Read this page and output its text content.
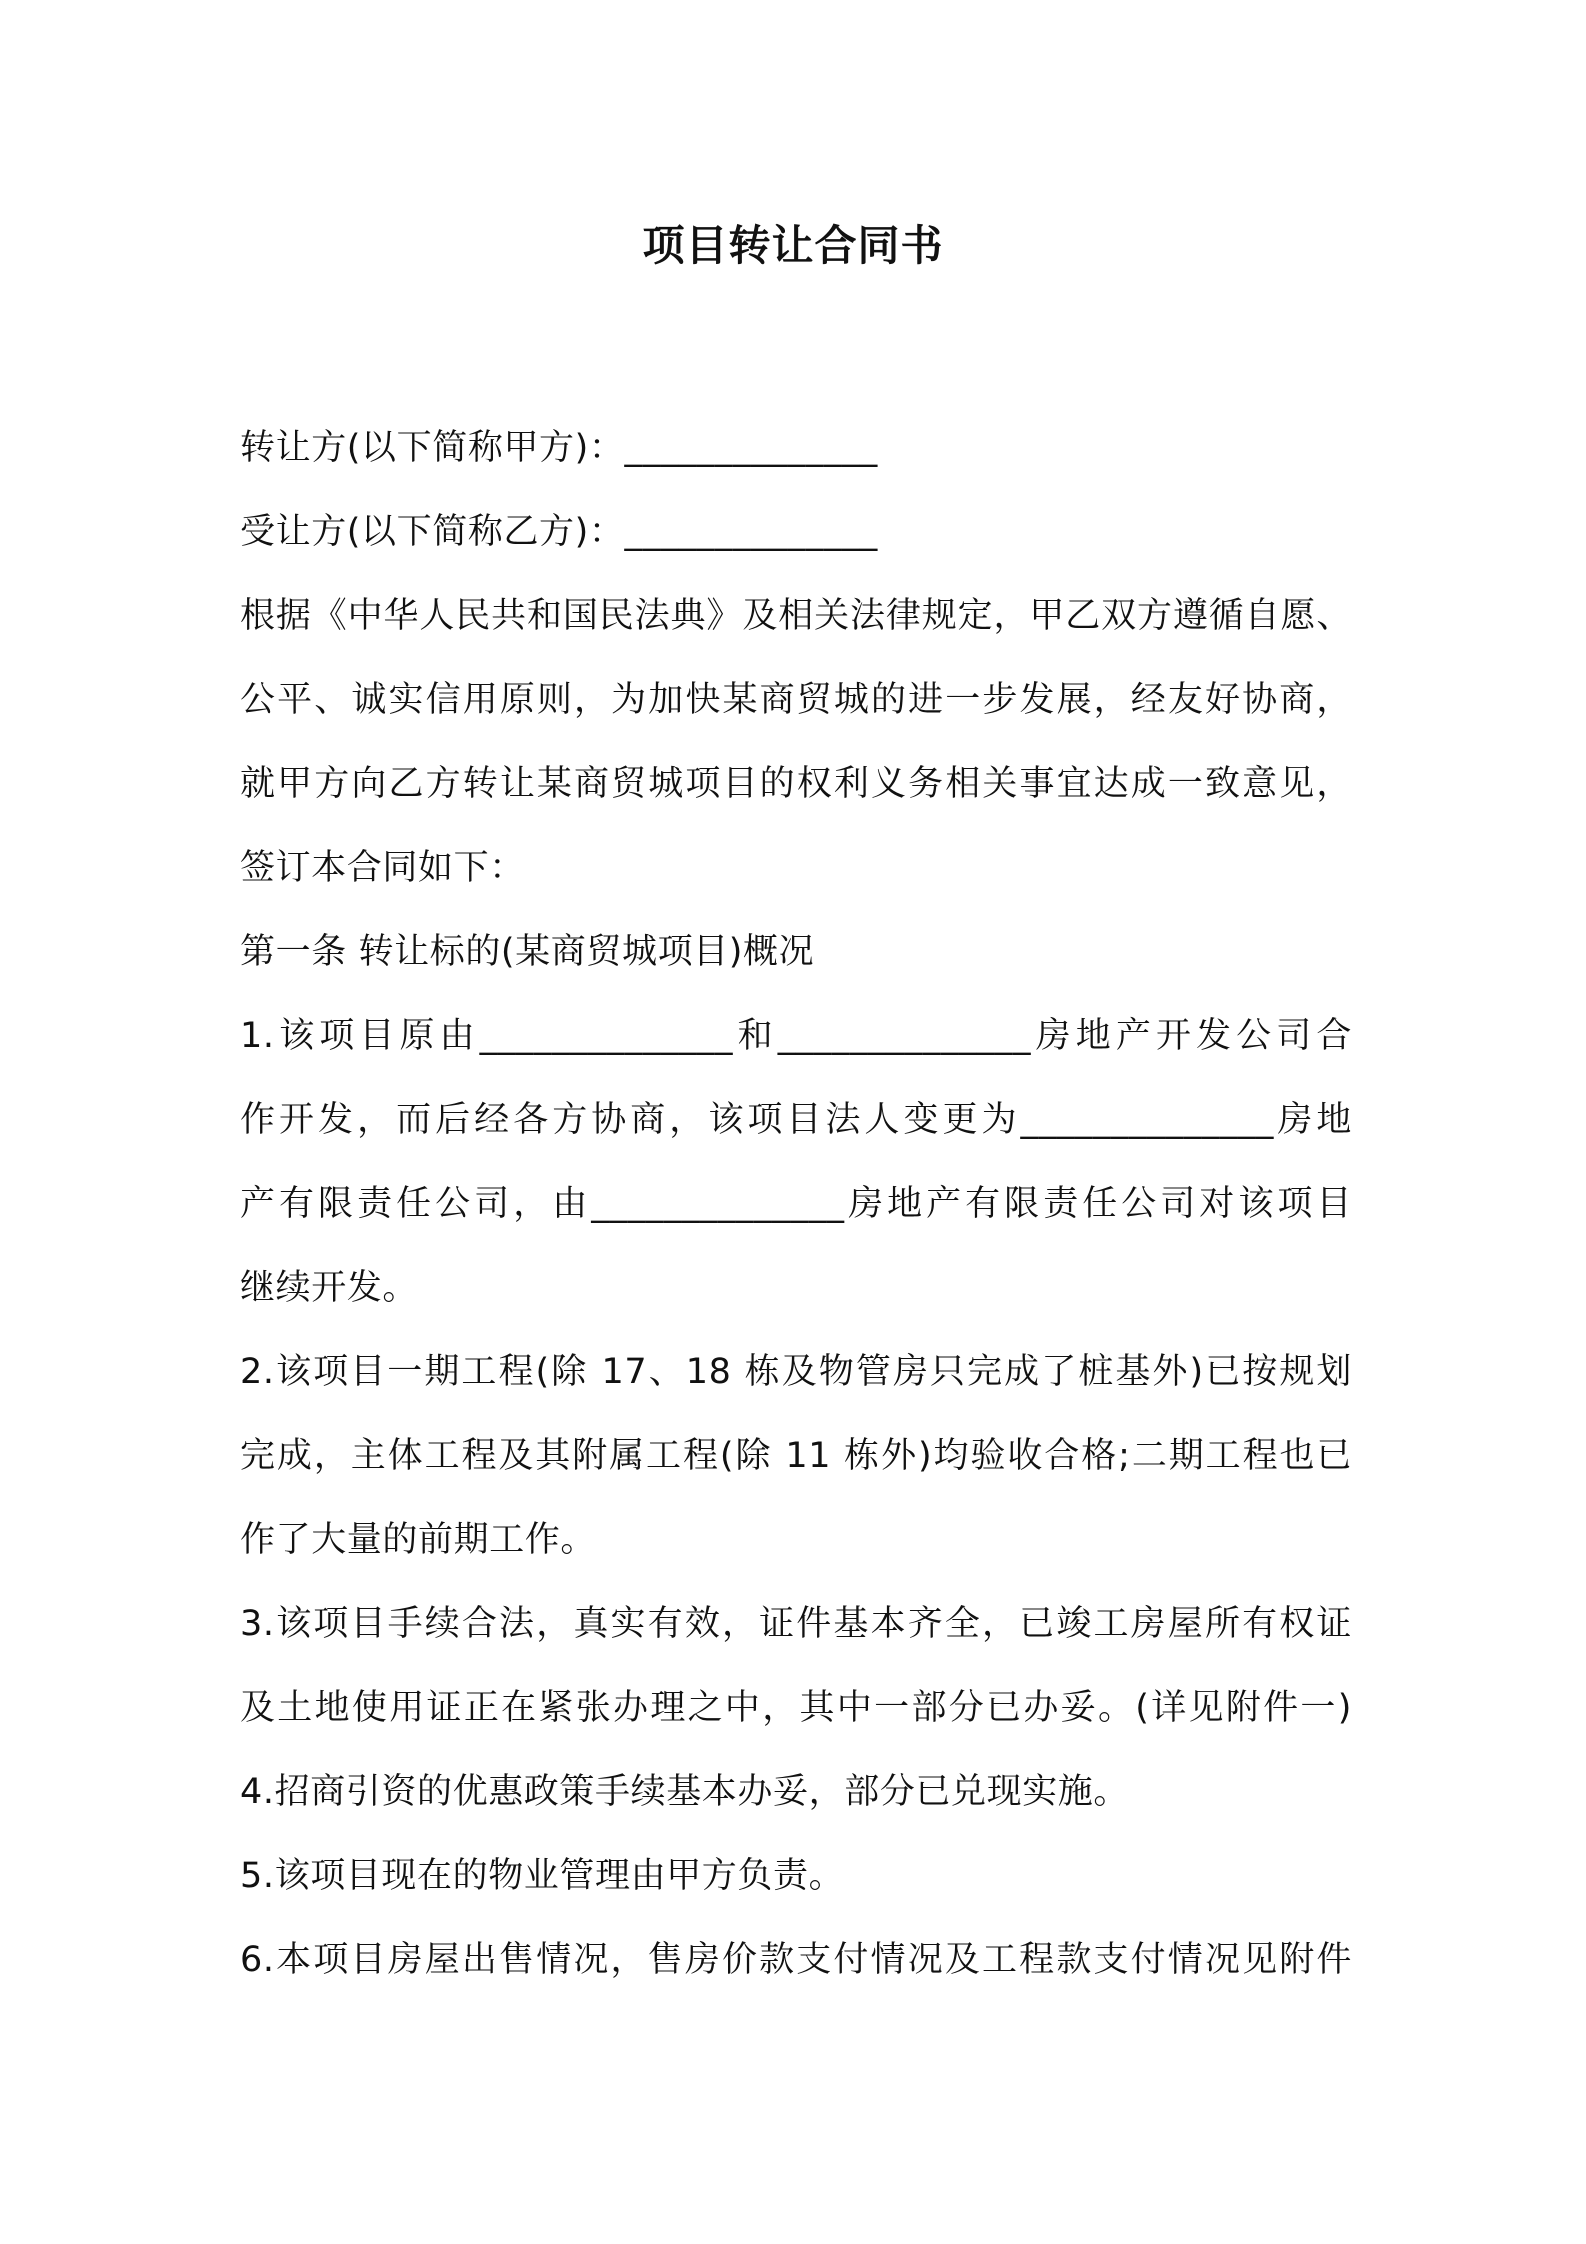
项目转让合同书
转让方(以下简称甲方)：______________
受让方(以下简称乙方)：______________
根据《中华人民共和国民法典》及相关法律规定，甲乙双方遵循自愿、
公平、诚实信用原则，为加快某商贸城的进一步发展，经友好协商，
就甲方向乙方转让某商贸城项目的权利义务相关事宜达成一致意见，
签订本合同如下：
第一条 转让标的(某商贸城项目)概况
1.该项目原由______________和______________房地产开发公司合
作开发，而后经各方协商，该项目法人变更为______________房地
产有限责任公司，由______________房地产有限责任公司对该项目
继续开发。
2.该项目一期工程(除 17、18 栋及物管房只完成了桩基外)已按规划
完成，主体工程及其附属工程(除 11 栋外)均验收合格;二期工程也已
作了大量的前期工作。
3.该项目手续合法，真实有效，证件基本齐全，已竣工房屋所有权证
及土地使用证正在紧张办理之中，其中一部分已办妥。(详见附件一)
4.招商引资的优惠政策手续基本办妥，部分已兑现实施。
5.该项目现在的物业管理由甲方负责。
6.本项目房屋出售情况，售房价款支付情况及工程款支付情况见附件
